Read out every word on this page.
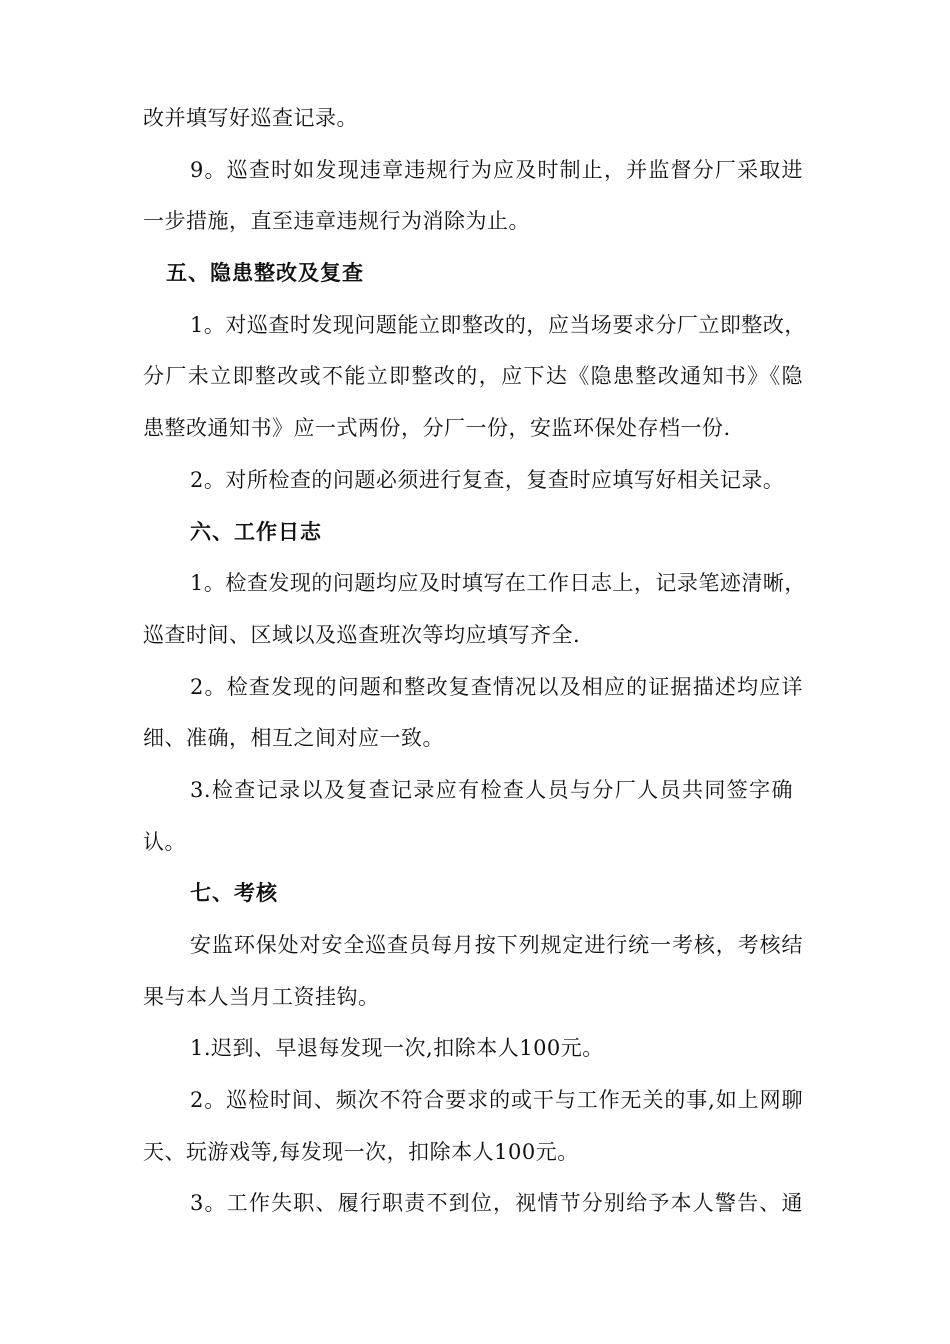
改并填写好巡查记录。
9。巡查时如发现违章违规行为应及时制止，并监督分厂采取进
一步措施，直至违章违规行为消除为止。
五、隐患整改及复查
1。对巡查时发现问题能立即整改的，应当场要求分厂立即整改，
分厂未立即整改或不能立即整改的，应下达《隐患整改通知书》《隐
患整改通知书》应一式两份，分厂一份，安监环保处存档一份.
2。对所检查的问题必须进行复查，复查时应填写好相关记录。
六、工作日志
1。检查发现的问题均应及时填写在工作日志上，记录笔迹清晰，
巡查时间、区域以及巡查班次等均应填写齐全.
2。检查发现的问题和整改复查情况以及相应的证据描述均应详
细、准确，相互之间对应一致。
3.检查记录以及复查记录应有检查人员与分厂人员共同签字确
认。
七、考核
安监环保处对安全巡查员每月按下列规定进行统一考核，考核结
果与本人当月工资挂钩。
1.迟到、早退每发现一次,扣除本人100元。
2。巡检时间、频次不符合要求的或干与工作无关的事,如上网聊
天、玩游戏等,每发现一次，扣除本人100元。
3。工作失职、履行职责不到位，视情节分别给予本人警告、通
